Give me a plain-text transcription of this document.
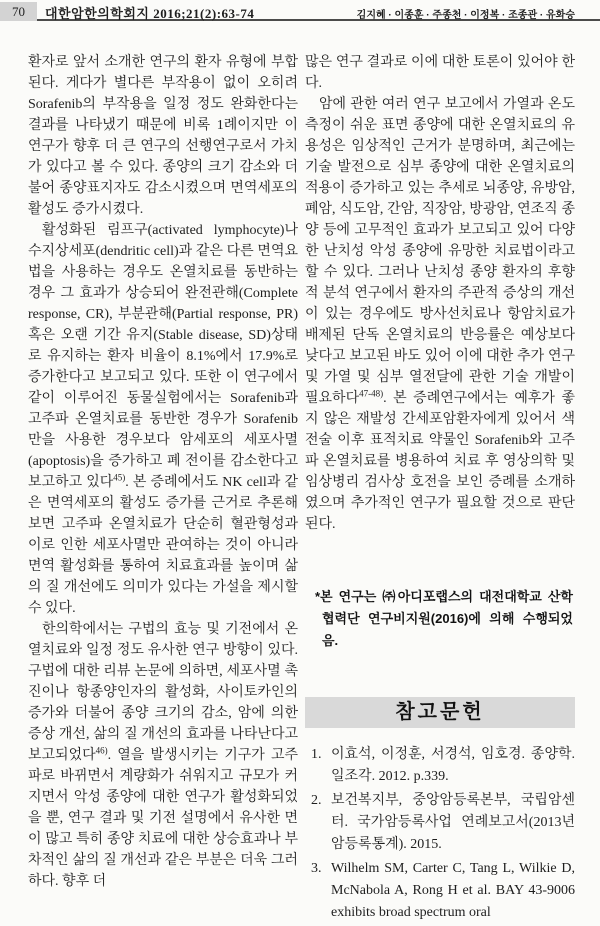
70	대한암한의학회지 2016;21(2):63-74	김지혜 · 이종훈 · 주종천 · 이정복 · 조종관 · 유화승

환자로 앞서 소개한 연구의 환자 유형에 부합된다. 게다가 별다른 부작용이 없이 오히려 Sorafenib의 부작용을 일정 정도 완화한다는 결과를 나타냈기 때문에 비록 1례이지만 이 연구가 향후 더 큰 연구의 선행연구로서 가치가 있다고 볼 수 있다. 종양의 크기 감소와 더불어 종양표지자도 감소시켰으며 면역세포의 활성도 증가시켰다.

활성화된 림프구(activated lymphocyte)나 수지상세포(dendritic cell)과 같은 다른 면역요법을 사용하는 경우도 온열치료를 동반하는 경우 그 효과가 상승되어 완전관해(Complete response, CR), 부분관해(Partial response, PR) 혹은 오랜 기간 유지(Stable disease, SD)상태로 유지하는 환자 비율이 8.1%에서 17.9%로 증가한다고 보고되고 있다. 또한 이 연구에서 같이 이루어진 동물실험에서는 Sorafenib과 고주파 온열치료를 동반한 경우가 Sorafenib만을 사용한 경우보다 암세포의 세포사멸(apoptosis)을 증가하고 폐 전이를 감소한다고 보고하고 있다$^{45)}$. 본 증례에서도 NK cell과 같은 면역세포의 활성도 증가를 근거로 추론해보면 고주파 온열치료가 단순히 혈관형성과 이로 인한 세포사멸만 관여하는 것이 아니라 면역 활성화를 통하여 치료효과를 높이며 삶의 질 개선에도 의미가 있다는 가설을 제시할 수 있다.

한의학에서는 구법의 효능 및 기전에서 온열치료와 일정 정도 유사한 연구 방향이 있다. 구법에 대한 리뷰 논문에 의하면, 세포사멸 촉진이나 항종양인자의 활성화, 사이토카인의 증가와 더불어 종양 크기의 감소, 암에 의한 증상 개선, 삶의 질 개선의 효과를 나타난다고 보고되었다$^{46)}$. 열을 발생시키는 기구가 고주파로 바뀌면서 계량화가 쉬워지고 규모가 커지면서 악성 종양에 대한 연구가 활성화되었을 뿐, 연구 결과 및 기전 설명에서 유사한 면이 많고 특히 종양 치료에 대한 상승효과나 부차적인 삶의 질 개선과 같은 부분은 더욱 그러하다. 향후 더

많은 연구 결과로 이에 대한 토론이 있어야 한다.

암에 관한 여러 연구 보고에서 가열과 온도 측정이 쉬운 표면 종양에 대한 온열치료의 유용성은 임상적인 근거가 분명하며, 최근에는 기술 발전으로 심부 종양에 대한 온열치료의 적용이 증가하고 있는 추세로 뇌종양, 유방암, 폐암, 식도암, 간암, 직장암, 방광암, 연조직 종양 등에 고무적인 효과가 보고되고 있어 다양한 난치성 악성 종양에 유망한 치료법이라고 할 수 있다. 그러나 난치성 종양 환자의 후향적 분석 연구에서 환자의 주관적 증상의 개선이 있는 경우에도 방사선치료나 항암치료가 배제된 단독 온열치료의 반응률은 예상보다 낮다고 보고된 바도 있어 이에 대한 추가 연구 및 가열 및 심부 열전달에 관한 기술 개발이 필요하다$^{47-48)}$. 본 증례연구에서는 예후가 좋지 않은 재발성 간세포암환자에게 있어서 색전술 이후 표적치료 약물인 Sorafenib와 고주파 온열치료를 병용하여 치료 후 영상의학 및 임상병리 검사상 호전을 보인 증례를 소개하였으며 추가적인 연구가 필요할 것으로 판단된다.

*본 연구는 ㈜아디포랩스의 대전대학교 산학협력단 연구비지원(2016)에 의해 수행되었음.

참고문헌
1. 이효석, 이정훈, 서경석, 임호경. 종양학. 일조각. 2012. p.339.
2. 보건복지부, 중앙암등록본부, 국립암센터. 국가암등록사업 연례보고서(2013년 암등록통계). 2015.
3. Wilhelm SM, Carter C, Tang L, Wilkie D, McNabola A, Rong H et al. BAY 43-9006 exhibits broad spectrum oral
